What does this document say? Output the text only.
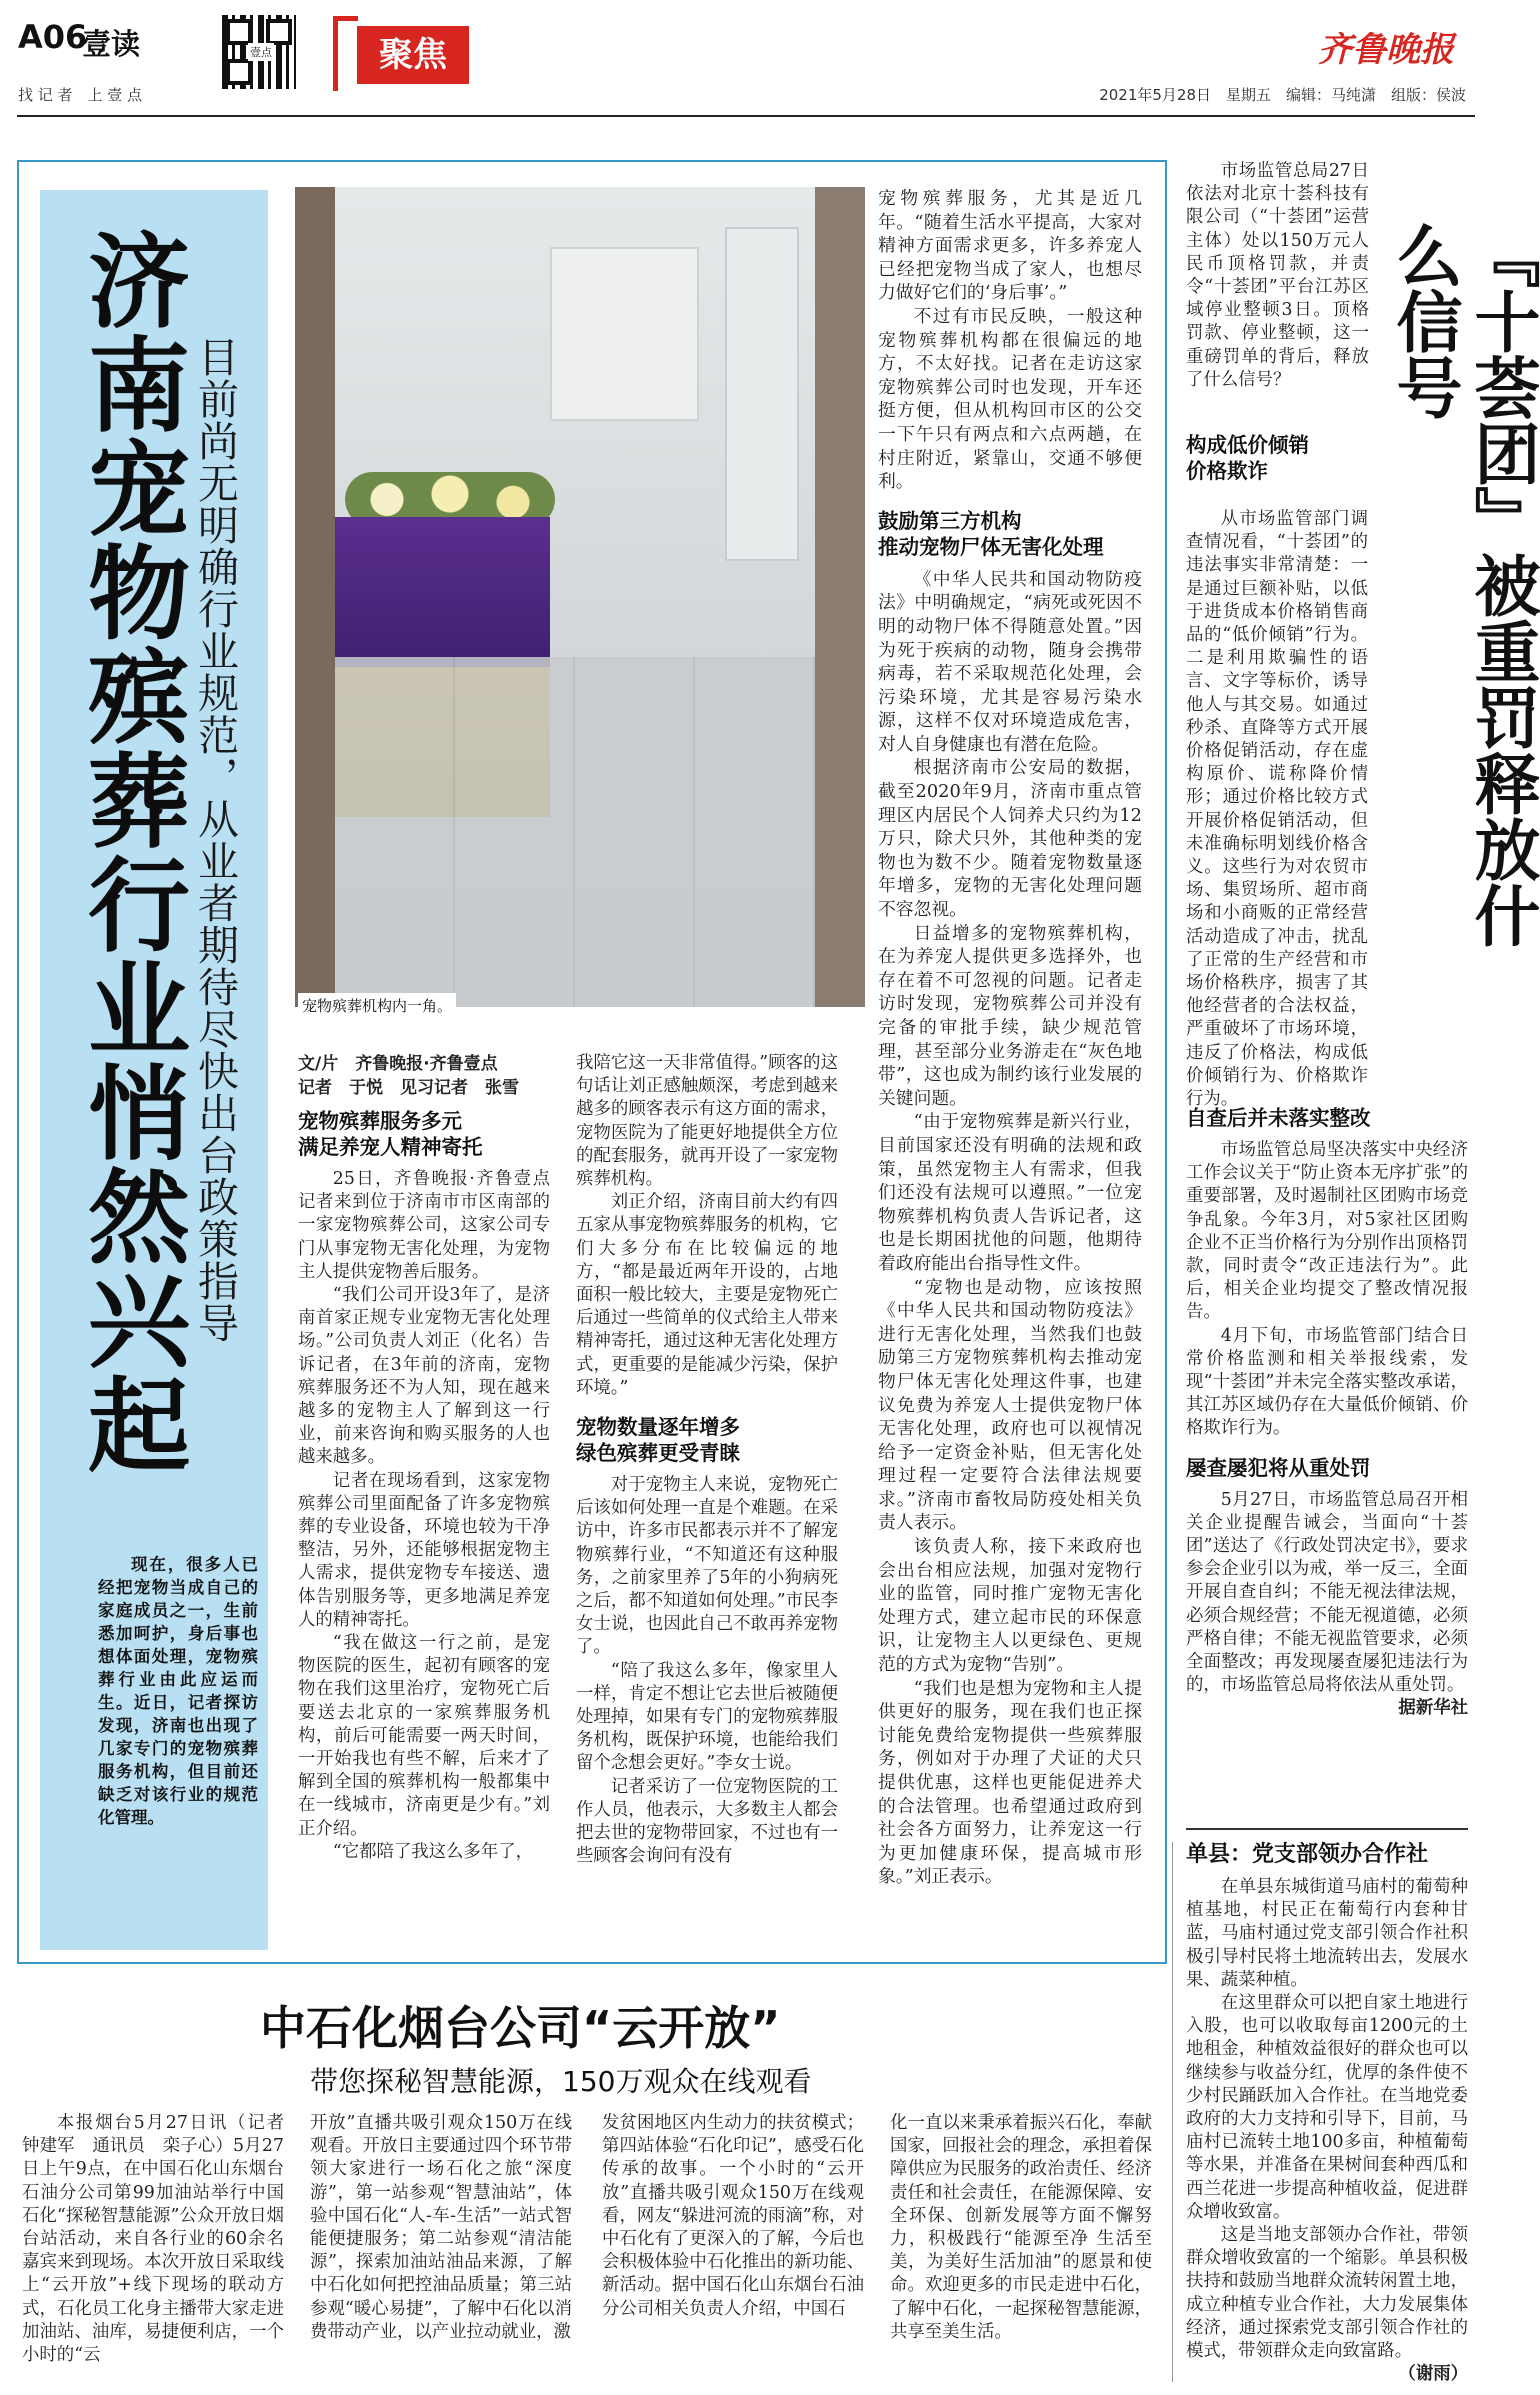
A06
壹读
找 记 者　上 壹 点
壹点	聚焦	齐鲁晚报
2021年5月28日　星期五　编辑：马纯潇　组版：侯波
济南宠物殡葬行业悄然兴起 目前尚无明确行业规范，从业者期待尽快出台政策指导
现在，很多人已经把宠物当成自己的家庭成员之一，生前悉加呵护，身后事也想体面处理，宠物殡葬行业由此应运而生。近日，记者探访发现，济南也出现了几家专门的宠物殡葬服务机构，但目前还缺乏对该行业的规范化管理。
宠物殡葬机构内一角。
文/片　齐鲁晚报·齐鲁壹点
记者　于悦　见习记者　张雪
宠物殡葬服务多元
满足养宠人精神寄托

25日，齐鲁晚报·齐鲁壹点记者来到位于济南市市区南部的一家宠物殡葬公司，这家公司专门从事宠物无害化处理，为宠物主人提供宠物善后服务。

“我们公司开设3年了，是济南首家正规专业宠物无害化处理场。”公司负责人刘正（化名）告诉记者，在3年前的济南，宠物殡葬服务还不为人知，现在越来越多的宠物主人了解到这一行业，前来咨询和购买服务的人也越来越多。

记者在现场看到，这家宠物殡葬公司里面配备了许多宠物殡葬的专业设备，环境也较为干净整洁，另外，还能够根据宠物主人需求，提供宠物专车接送、遗体告别服务等，更多地满足养宠人的精神寄托。

“我在做这一行之前，是宠物医院的医生，起初有顾客的宠物在我们这里治疗，宠物死亡后要送去北京的一家殡葬服务机构，前后可能需要一两天时间，一开始我也有些不解，后来才了解到全国的殡葬机构一般都集中在一线城市，济南更是少有。”刘正介绍。

“它都陪了我这么多年了，

我陪它这一天非常值得。”顾客的这句话让刘正感触颇深，考虑到越来越多的顾客表示有这方面的需求，宠物医院为了能更好地提供全方位的配套服务，就再开设了一家宠物殡葬机构。

刘正介绍，济南目前大约有四五家从事宠物殡葬服务的机构，它们大多分布在比较偏远的地方，“都是最近两年开设的，占地面积一般比较大，主要是宠物死亡后通过一些简单的仪式给主人带来精神寄托，通过这种无害化处理方式，更重要的是能减少污染，保护环境。”

宠物数量逐年增多
绿色殡葬更受青睐

对于宠物主人来说，宠物死亡后该如何处理一直是个难题。在采访中，许多市民都表示并不了解宠物殡葬行业，“不知道还有这种服务，之前家里养了5年的小狗病死之后，都不知道如何处理。”市民李女士说，也因此自己不敢再养宠物了。

“陪了我这么多年，像家里人一样，肯定不想让它去世后被随便处理掉，如果有专门的宠物殡葬服务机构，既保护环境，也能给我们留个念想会更好。”李女士说。

记者采访了一位宠物医院的工作人员，他表示，大多数主人都会把去世的宠物带回家，不过也有一些顾客会询问有没有

宠物殡葬服务，尤其是近几年。“随着生活水平提高，大家对精神方面需求更多，许多养宠人已经把宠物当成了家人，也想尽力做好它们的‘身后事’。”

不过有市民反映，一般这种宠物殡葬机构都在很偏远的地方，不太好找。记者在走访这家宠物殡葬公司时也发现，开车还挺方便，但从机构回市区的公交一下午只有两点和六点两趟，在村庄附近，紧靠山，交通不够便利。

鼓励第三方机构
推动宠物尸体无害化处理

《中华人民共和国动物防疫法》中明确规定，“病死或死因不明的动物尸体不得随意处置。”因为死于疾病的动物，随身会携带病毒，若不采取规范化处理，会污染环境，尤其是容易污染水源，这样不仅对环境造成危害，对人自身健康也有潜在危险。

根据济南市公安局的数据，截至2020年9月，济南市重点管理区内居民个人饲养犬只约为12万只，除犬只外，其他种类的宠物也为数不少。随着宠物数量逐年增多，宠物的无害化处理问题不容忽视。

日益增多的宠物殡葬机构，在为养宠人提供更多选择外，也存在着不可忽视的问题。记者走访时发现，宠物殡葬公司并没有完备的审批手续，缺少规范管理，甚至部分业务游走在“灰色地带”，这也成为制约该行业发展的关键问题。

“由于宠物殡葬是新兴行业，目前国家还没有明确的法规和政策，虽然宠物主人有需求，但我们还没有法规可以遵照。”一位宠物殡葬机构负责人告诉记者，这也是长期困扰他的问题，他期待着政府能出台指导性文件。

“宠物也是动物，应该按照《中华人民共和国动物防疫法》进行无害化处理，当然我们也鼓励第三方宠物殡葬机构去推动宠物尸体无害化处理这件事，也建议免费为养宠人士提供宠物尸体无害化处理，政府也可以视情况给予一定资金补贴，但无害化处理过程一定要符合法律法规要求。”济南市畜牧局防疫处相关负责人表示。

该负责人称，接下来政府也会出台相应法规，加强对宠物行业的监管，同时推广宠物无害化处理方式，建立起市民的环保意识，让宠物主人以更绿色、更规范的方式为宠物“告别”。

“我们也是想为宠物和主人提供更好的服务，现在我们也正探讨能免费给宠物提供一些殡葬服务，例如对于办理了犬证的犬只提供优惠，这样也更能促进养犬的合法管理。也希望通过政府到社会各方面努力，让养宠这一行为更加健康环保，提高城市形象。”刘正表示。

市场监管总局27日依法对北京十荟科技有限公司（“十荟团”运营主体）处以150万元人民币顶格罚款，并责令“十荟团”平台江苏区域停业整顿3日。顶格罚款、停业整顿，这一重磅罚单的背后，释放了什么信号？	『十荟团』被重罚释放什么信号
构成低价倾销
价格欺诈
从市场监管部门调查情况看，“十荟团”的违法事实非常清楚：一是通过巨额补贴，以低于进货成本价格销售商品的“低价倾销”行为。二是利用欺骗性的语言、文字等标价，诱导他人与其交易。如通过秒杀、直降等方式开展价格促销活动，存在虚构原价、谎称降价情形；通过价格比较方式开展价格促销活动，但未准确标明划线价格含义。这些行为对农贸市场、集贸场所、超市商场和小商贩的正常经营活动造成了冲击，扰乱了正常的生产经营和市场价格秩序，损害了其他经营者的合法权益，严重破坏了市场环境，违反了价格法，构成低价倾销行为、价格欺诈行为。
自查后并未落实整改

市场监管总局坚决落实中央经济工作会议关于“防止资本无序扩张”的重要部署，及时遏制社区团购市场竞争乱象。今年3月，对5家社区团购企业不正当价格行为分别作出顶格罚款，同时责令“改正违法行为”。此后，相关企业均提交了整改情况报告。

4月下旬，市场监管部门结合日常价格监测和相关举报线索，发现“十荟团”并未完全落实整改承诺，其江苏区域仍存在大量低价倾销、价格欺诈行为。

屡查屡犯将从重处罚

5月27日，市场监管总局召开相关企业提醒告诫会，当面向“十荟团”送达了《行政处罚决定书》，要求参会企业引以为戒，举一反三，全面开展自查自纠；不能无视法律法规，必须合规经营；不能无视道德，必须严格自律；不能无视监管要求，必须全面整改；再发现屡查屡犯违法行为的，市场监管总局将依法从重处罚。

据新华社
单县：党支部领办合作社

在单县东城街道马庙村的葡萄种植基地，村民正在葡萄行内套种甘蓝，马庙村通过党支部引领合作社积极引导村民将土地流转出去，发展水果、蔬菜种植。

在这里群众可以把自家土地进行入股，也可以收取每亩1200元的土地租金，种植效益很好的群众也可以继续参与收益分红，优厚的条件使不少村民踊跃加入合作社。在当地党委政府的大力支持和引导下，目前，马庙村已流转土地100多亩，种植葡萄等水果，并准备在果树间套种西瓜和西兰花进一步提高种植收益，促进群众增收致富。

这是当地支部领办合作社，带领群众增收致富的一个缩影。单县积极扶持和鼓励当地群众流转闲置土地，成立种植专业合作社，大力发展集体经济，通过探索党支部引领合作社的模式，带领群众走向致富路。

（谢雨）
中石化烟台公司“云开放”
带您探秘智慧能源，150万观众在线观看
本报烟台5月27日讯（记者　钟建军　通讯员　栾子心）5月27日上午9点，在中国石化山东烟台石油分公司第99加油站举行中国石化“探秘智慧能源”公众开放日烟台站活动，来自各行业的60余名嘉宾来到现场。本次开放日采取线上“云开放”+线下现场的联动方式，石化员工化身主播带大家走进加油站、油库，易捷便利店，一个小时的“云
开放”直播共吸引观众150万在线观看。开放日主要通过四个环节带领大家进行一场石化之旅“深度游”，第一站参观“智慧油站”，体验中国石化“人-车-生活”一站式智能便捷服务；第二站参观“清洁能源”，探索加油站油品来源，了解中石化如何把控油品质量；第三站参观“暖心易捷”，了解中石化以消费带动产业，以产业拉动就业，激
发贫困地区内生动力的扶贫模式；第四站体验“石化印记”，感受石化传承的故事。一个小时的“云开放”直播共吸引观众150万在线观看，网友“躲进河流的雨滴”称，对中石化有了更深入的了解，今后也会积极体验中石化推出的新功能、新活动。据中国石化山东烟台石油分公司相关负责人介绍，中国石
化一直以来秉承着振兴石化，奉献国家，回报社会的理念，承担着保障供应为民服务的政治责任、经济责任和社会责任，在能源保障、安全环保、创新发展等方面不懈努力，积极践行“能源至净 生活至美，为美好生活加油”的愿景和使命。欢迎更多的市民走进中石化，了解中石化，一起探秘智慧能源，共享至美生活。
